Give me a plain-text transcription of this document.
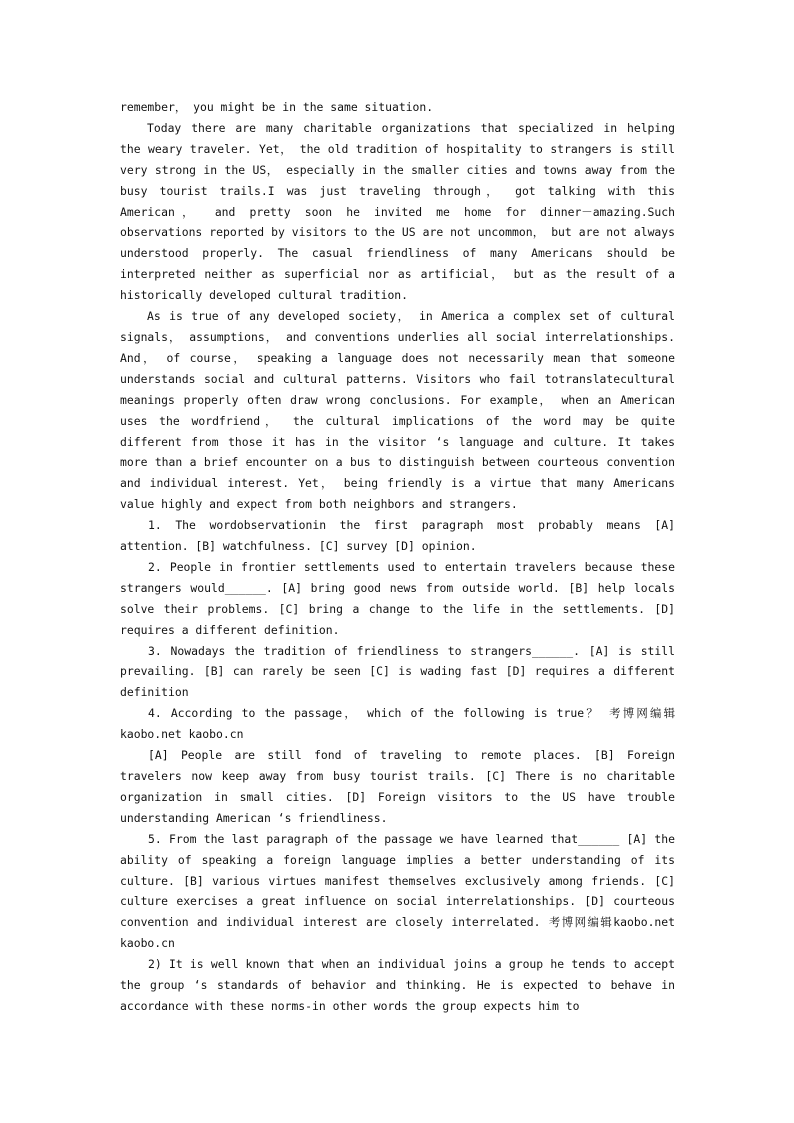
remember， you might be in the same situation.

Today there are many charitable organizations that specialized in helping the weary traveler. Yet， the old tradition of hospitality to strangers is still very strong in the US， especially in the smaller cities and towns away from the busy tourist trails.I was just traveling through， got talking with this American， and pretty soon he invited me home for dinner－amazing.Such observations reported by visitors to the US are not uncommon， but are not always understood properly. The casual friendliness of many Americans should be interpreted neither as superficial nor as artificial， but as the result of a historically developed cultural tradition.

As is true of any developed society， in America a complex set of cultural signals， assumptions， and conventions underlies all social interrelationships. And， of course， speaking a language does not necessarily mean that someone understands social and cultural patterns. Visitors who fail totranslatecultural meanings properly often draw wrong conclusions. For example， when an American uses the wordfriend， the cultural implications of the word may be quite different from those it has in the visitor ‘s language and culture. It takes more than a brief encounter on a bus to distinguish between courteous convention and individual interest. Yet， being friendly is a virtue that many Americans value highly and expect from both neighbors and strangers.

1. The wordobservationin the first paragraph most probably means [A] attention. [B] watchfulness. [C] survey [D] opinion.

2. People in frontier settlements used to entertain travelers because these strangers would______. [A] bring good news from outside world. [B] help locals solve their problems. [C] bring a change to the life in the settlements. [D] requires a different definition.

3. Nowadays the tradition of friendliness to strangers______. [A] is still prevailing. [B] can rarely be seen [C] is wading fast [D] requires a different definition

4. According to the passage， which of the following is true？ 考博网编辑kaobo.net kaobo.cn

[A] People are still fond of traveling to remote places. [B] Foreign travelers now keep away from busy tourist trails. [C] There is no charitable organization in small cities. [D] Foreign visitors to the US have trouble understanding American ‘s friendliness.

5. From the last paragraph of the passage we have learned that______ [A] the ability of speaking a foreign language implies a better understanding of its culture. [B] various virtues manifest themselves exclusively among friends. [C] culture exercises a great influence on social interrelationships. [D] courteous convention and individual interest are closely interrelated. 考博网编辑kaobo.net kaobo.cn

2) It is well known that when an individual joins a group he tends to accept the group ‘s standards of behavior and thinking. He is expected to behave in accordance with these norms-in other words the group expects him to
